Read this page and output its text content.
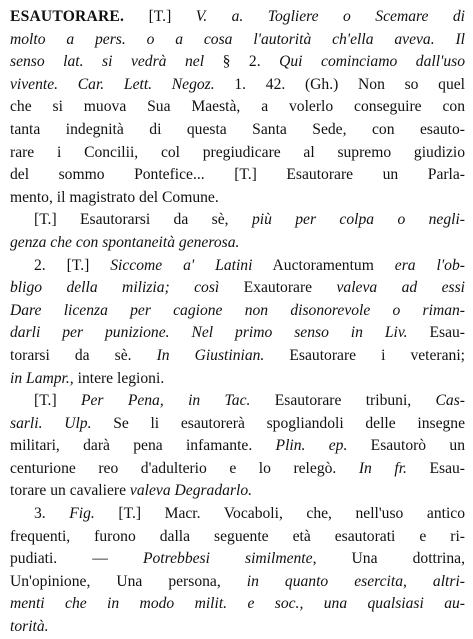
ESAUTORARE. [T.] V. a. Togliere o Scemare di
molto a pers. o a cosa l'autorità ch'ella aveva. Il
senso lat. si vedrà nel § 2. Qui cominciamo dall'uso
vivente. Car. Lett. Negoz. 1. 42. (Gh.) Non so quel
che si muova Sua Maestà, a volerlo conseguire con
tanta indegnità di questa Santa Sede, con esauto-
rare i Concilii, col pregiudicare al supremo giudizio
del sommo Pontefice... [T.] Esautorare un Parla-
mento, il magistrato del Comune.
[T.] Esautorarsi da sè, più per colpa o negli-
genza che con spontaneità generosa.
2. [T.] Siccome a' Latini Auctoramentum era l'ob-
bligo della milizia; così Exautorare valeva ad essi
Dare licenza per cagione non disonorevole o riman-
darli per punizione. Nel primo senso in Liv. Esau-
torarsi da sè. In Giustinian. Esautorare i veterani;
in Lampr., intere legioni.
[T.] Per Pena, in Tac. Esautorare tribuni, Cas-
sarli. Ulp. Se li esautorerà spogliandoli delle insegne
militari, darà pena infamante. Plin. ep. Esautorò un
centurione reo d'adulterio e lo relegò. In fr. Esau-
torare un cavaliere valeva Degradarlo.
3. Fig. [T.] Macr. Vocaboli, che, nell'uso antico
frequenti, furono dalla seguente età esautorati e ri-
pudiati. — Potrebbesi similmente, Una dottrina,
Un'opinione, Una persona, in quanto esercita, altri-
menti che in modo milit. e soc., una qualsiasi au-
torità.
